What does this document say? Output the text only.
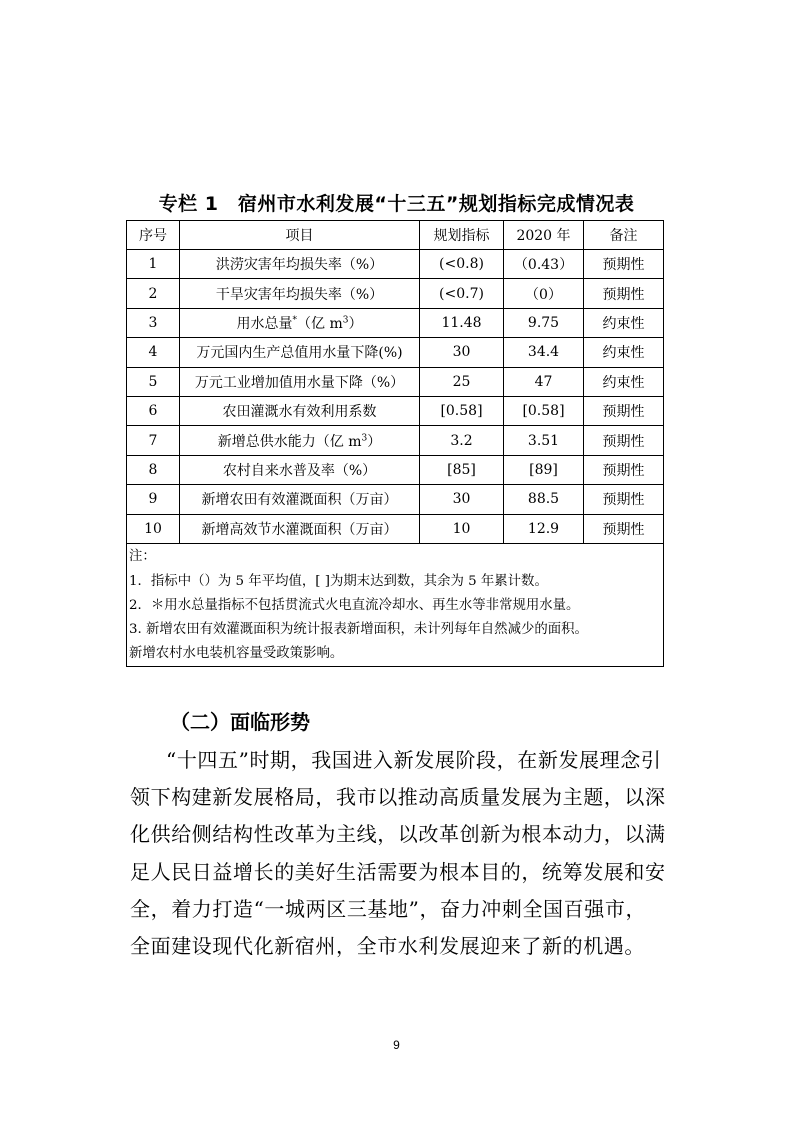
专栏 1　宿州市水利发展“十三五”规划指标完成情况表
序号	项目	规划指标	2020 年	备注
1	洪涝灾害年均损失率（%）	(<0.8)	（0.43）	预期性
2	干旱灾害年均损失率（%）	(<0.7)	（0）	预期性
3	用水总量*（亿 $m^3$）	11.48	9.75	约束性
4	万元国内生产总值用水量下降(%)	30	34.4	约束性
5	万元工业增加值用水量下降（%）	25	47	约束性
6	农田灌溉水有效利用系数	[0.58]	[0.58]	预期性
7	新增总供水能力（亿 $m^3$）	3.2	3.51	预期性
8	农村自来水普及率（%）	[85]	[89]	预期性
9	新增农田有效灌溉面积（万亩）	30	88.5	预期性
10	新增高效节水灌溉面积（万亩）	10	12.9	预期性

注：
1．指标中（）为 5 年平均值，[ ]为期末达到数，其余为 5 年累计数。
2．＊用水总量指标不包括贯流式火电直流冷却水、再生水等非常规用水量。
3. 新增农田有效灌溉面积为统计报表新增面积，未计列每年自然减少的面积。
新增农村水电装机容量受政策影响。				
（二）面临形势
“十四五”时期，我国进入新发展阶段，在新发展理念引
领下构建新发展格局，我市以推动高质量发展为主题，以深
化供给侧结构性改革为主线，以改革创新为根本动力，以满
足人民日益增长的美好生活需要为根本目的，统筹发展和安
全，着力打造“一城两区三基地”，奋力冲刺全国百强市，
全面建设现代化新宿州，全市水利发展迎来了新的机遇。
9
